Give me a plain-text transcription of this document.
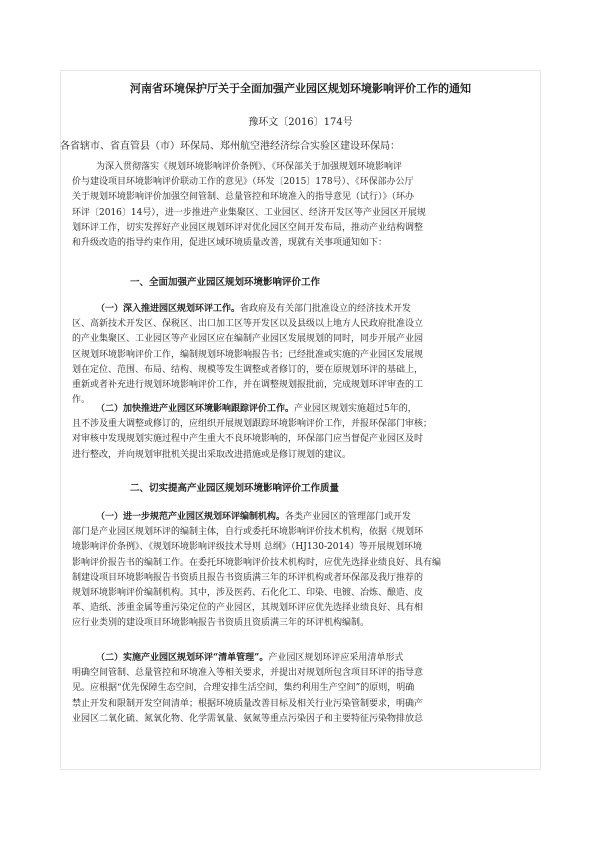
河南省环境保护厅关于全面加强产业园区规划环境影响评价工作的通知
豫环文〔2016〕174号
各省辖市、省直管县（市）环保局、郑州航空港经济综合实验区建设环保局：
为深入贯彻落实《规划环境影响评价条例》、《环保部关于加强规划环境影响评
价与建设项目环境影响评价联动工作的意见》（环发〔2015〕178号）、《环保部办公厅
关于规划环境影响评价加强空间管制、总量管控和环境准入的指导意见（试行）》（环办
环评〔2016〕14号），进一步推进产业集聚区、工业园区、经济开发区等产业园区开展规
划环评工作，切实发挥好产业园区规划环评对优化园区空间开发布局，推动产业结构调整
和升级改造的指导约束作用，促进区域环境质量改善，现就有关事项通知如下：
一、全面加强产业园区规划环境影响评价工作
（一）深入推进园区规划环评工作。省政府及有关部门批准设立的经济技术开发
区、高新技术开发区、保税区、出口加工区等开发区以及县级以上地方人民政府批准设立
的产业集聚区、工业园区等产业园区应在编制产业园区发展规划的同时，同步开展产业园
区规划环境影响评价工作，编制规划环境影响报告书；已经批准或实施的产业园区发展规
划在定位、范围、布局、结构、规模等发生调整或者修订的，要在原规划环评的基础上，
重新或者补充进行规划环境影响评价工作，并在调整规划报批前，完成规划环评审查的工
作。
（二）加快推进产业园区环境影响跟踪评价工作。产业园区规划实施超过5年的，
且不涉及重大调整或修订的，应组织开展规划跟踪环境影响评价工作，并报环保部门审核；
对审核中发现规划实施过程中产生重大不良环境影响的，环保部门应当督促产业园区及时
进行整改，并向规划审批机关提出采取改进措施或是修订规划的建议。
二、切实提高产业园区规划环境影响评价工作质量
（一）进一步规范产业园区规划环评编制机构。各类产业园区的管理部门或开发
部门是产业园区规划环评的编制主体，自行或委托环境影响评价技术机构，依据《规划环
境影响评价条例》、《规划环境影响评级技术导则 总纲》（HJ130-2014）等开展规划环境
影响评价报告书的编制工作。在委托环境影响评价技术机构时，应优先选择业绩良好、具有编
制建设项目环境影响报告书资质且报告书资质满三年的环评机构或者环保部及我厅推荐的
规划环境影响评价编制机构。其中，涉及医药、石化化工、印染、电镀、冶炼、酿造、皮
革、造纸、涉重金属等重污染定位的产业园区，其规划环评应优先选择业绩良好、具有相
应行业类别的建设项目环境影响报告书资质且资质满三年的环评机构编制。
（二）实施产业园区规划环评“清单管理”。产业园区规划环评应采用清单形式
明确空间管制、总量管控和环境准入等相关要求，并提出对规划所包含项目环评的指导意
见。应根据“优先保障生态空间，合理安排生活空间，集约利用生产空间”的原则，明确
禁止开发和限制开发空间清单；根据环境质量改善目标及相关行业污染管制要求，明确产
业园区二氧化硫、氮氧化物、化学需氧量、氨氮等重点污染因子和主要特征污染物排放总
